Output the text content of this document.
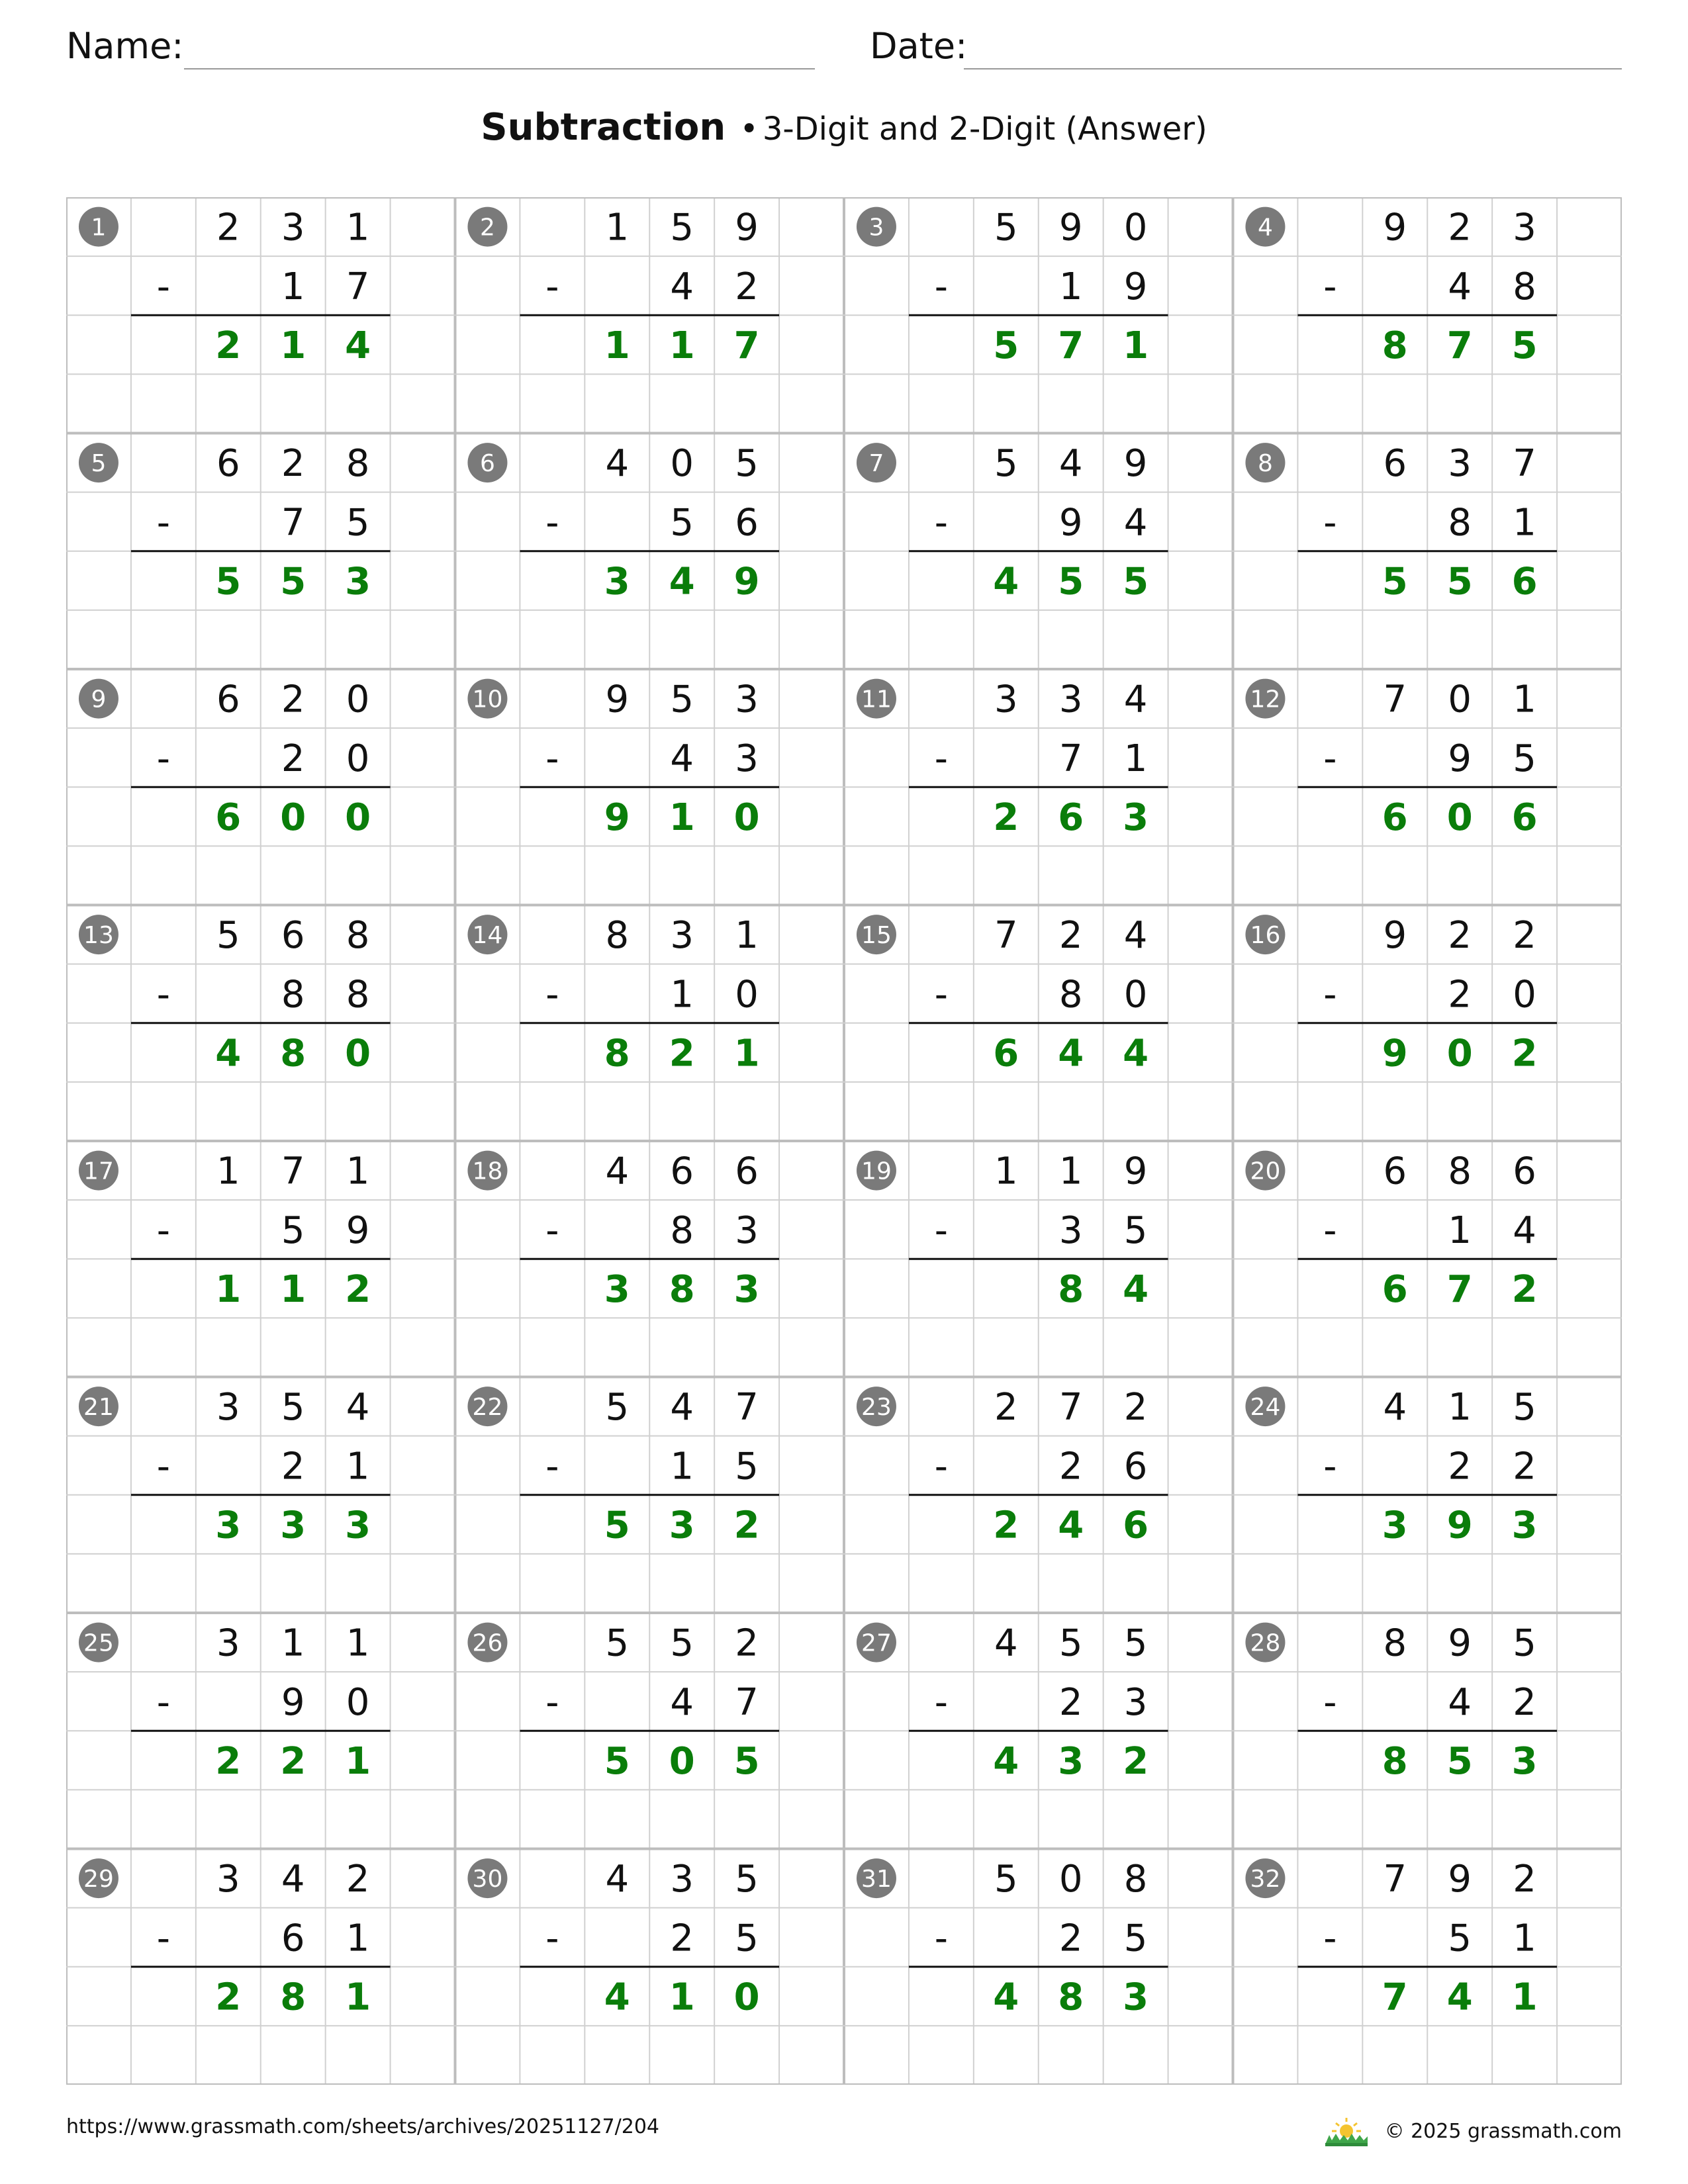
Name:	Date:
Subtraction • 3-Digit and 2-Digit (Answer)
1	2 3 1
-	1 7
2 1 4
2	1 5 9
-	4 2
1 1 7
3	5 9 0
-	1 9
5 7 1
4	9 2 3
-	4 8
8 7 5
5	6 2 8
-	7 5
5 5 3
6	4 0 5
-	5 6
3 4 9
7	5 4 9
-	9 4
4 5 5
8	6 3 7
-	8 1
5 5 6
9	6 2 0
-	2 0
6 0 0
10	9 5 3
-	4 3
9 1 0
11	3 3 4
-	7 1
2 6 3
12	7 0 1
-	9 5
6 0 6
13	5 6 8
-	8 8
4 8 0
14	8 3 1
-	1 0
8 2 1
15	7 2 4
-	8 0
6 4 4
16	9 2 2
-	2 0
9 0 2
17	1 7 1
-	5 9
1 1 2
18	4 6 6
-	8 3
3 8 3
19	1 1 9
-	3 5
8 4
20	6 8 6
-	1 4
6 7 2
21	3 5 4
-	2 1
3 3 3
22	5 4 7
-	1 5
5 3 2
23	2 7 2
-	2 6
2 4 6
24	4 1 5
-	2 2
3 9 3
25	3 1 1
-	9 0
2 2 1
26	5 5 2
-	4 7
5 0 5
27	4 5 5
-	2 3
4 3 2
28	8 9 5
-	4 2
8 5 3
29	3 4 2
-	6 1
2 8 1
30	4 3 5
-	2 5
4 1 0
31	5 0 8
-	2 5
4 8 3
32	7 9 2
-	5 1
7 4 1
https://www.grassmath.com/sheets/archives/20251127/204	© 2025 grassmath.com
